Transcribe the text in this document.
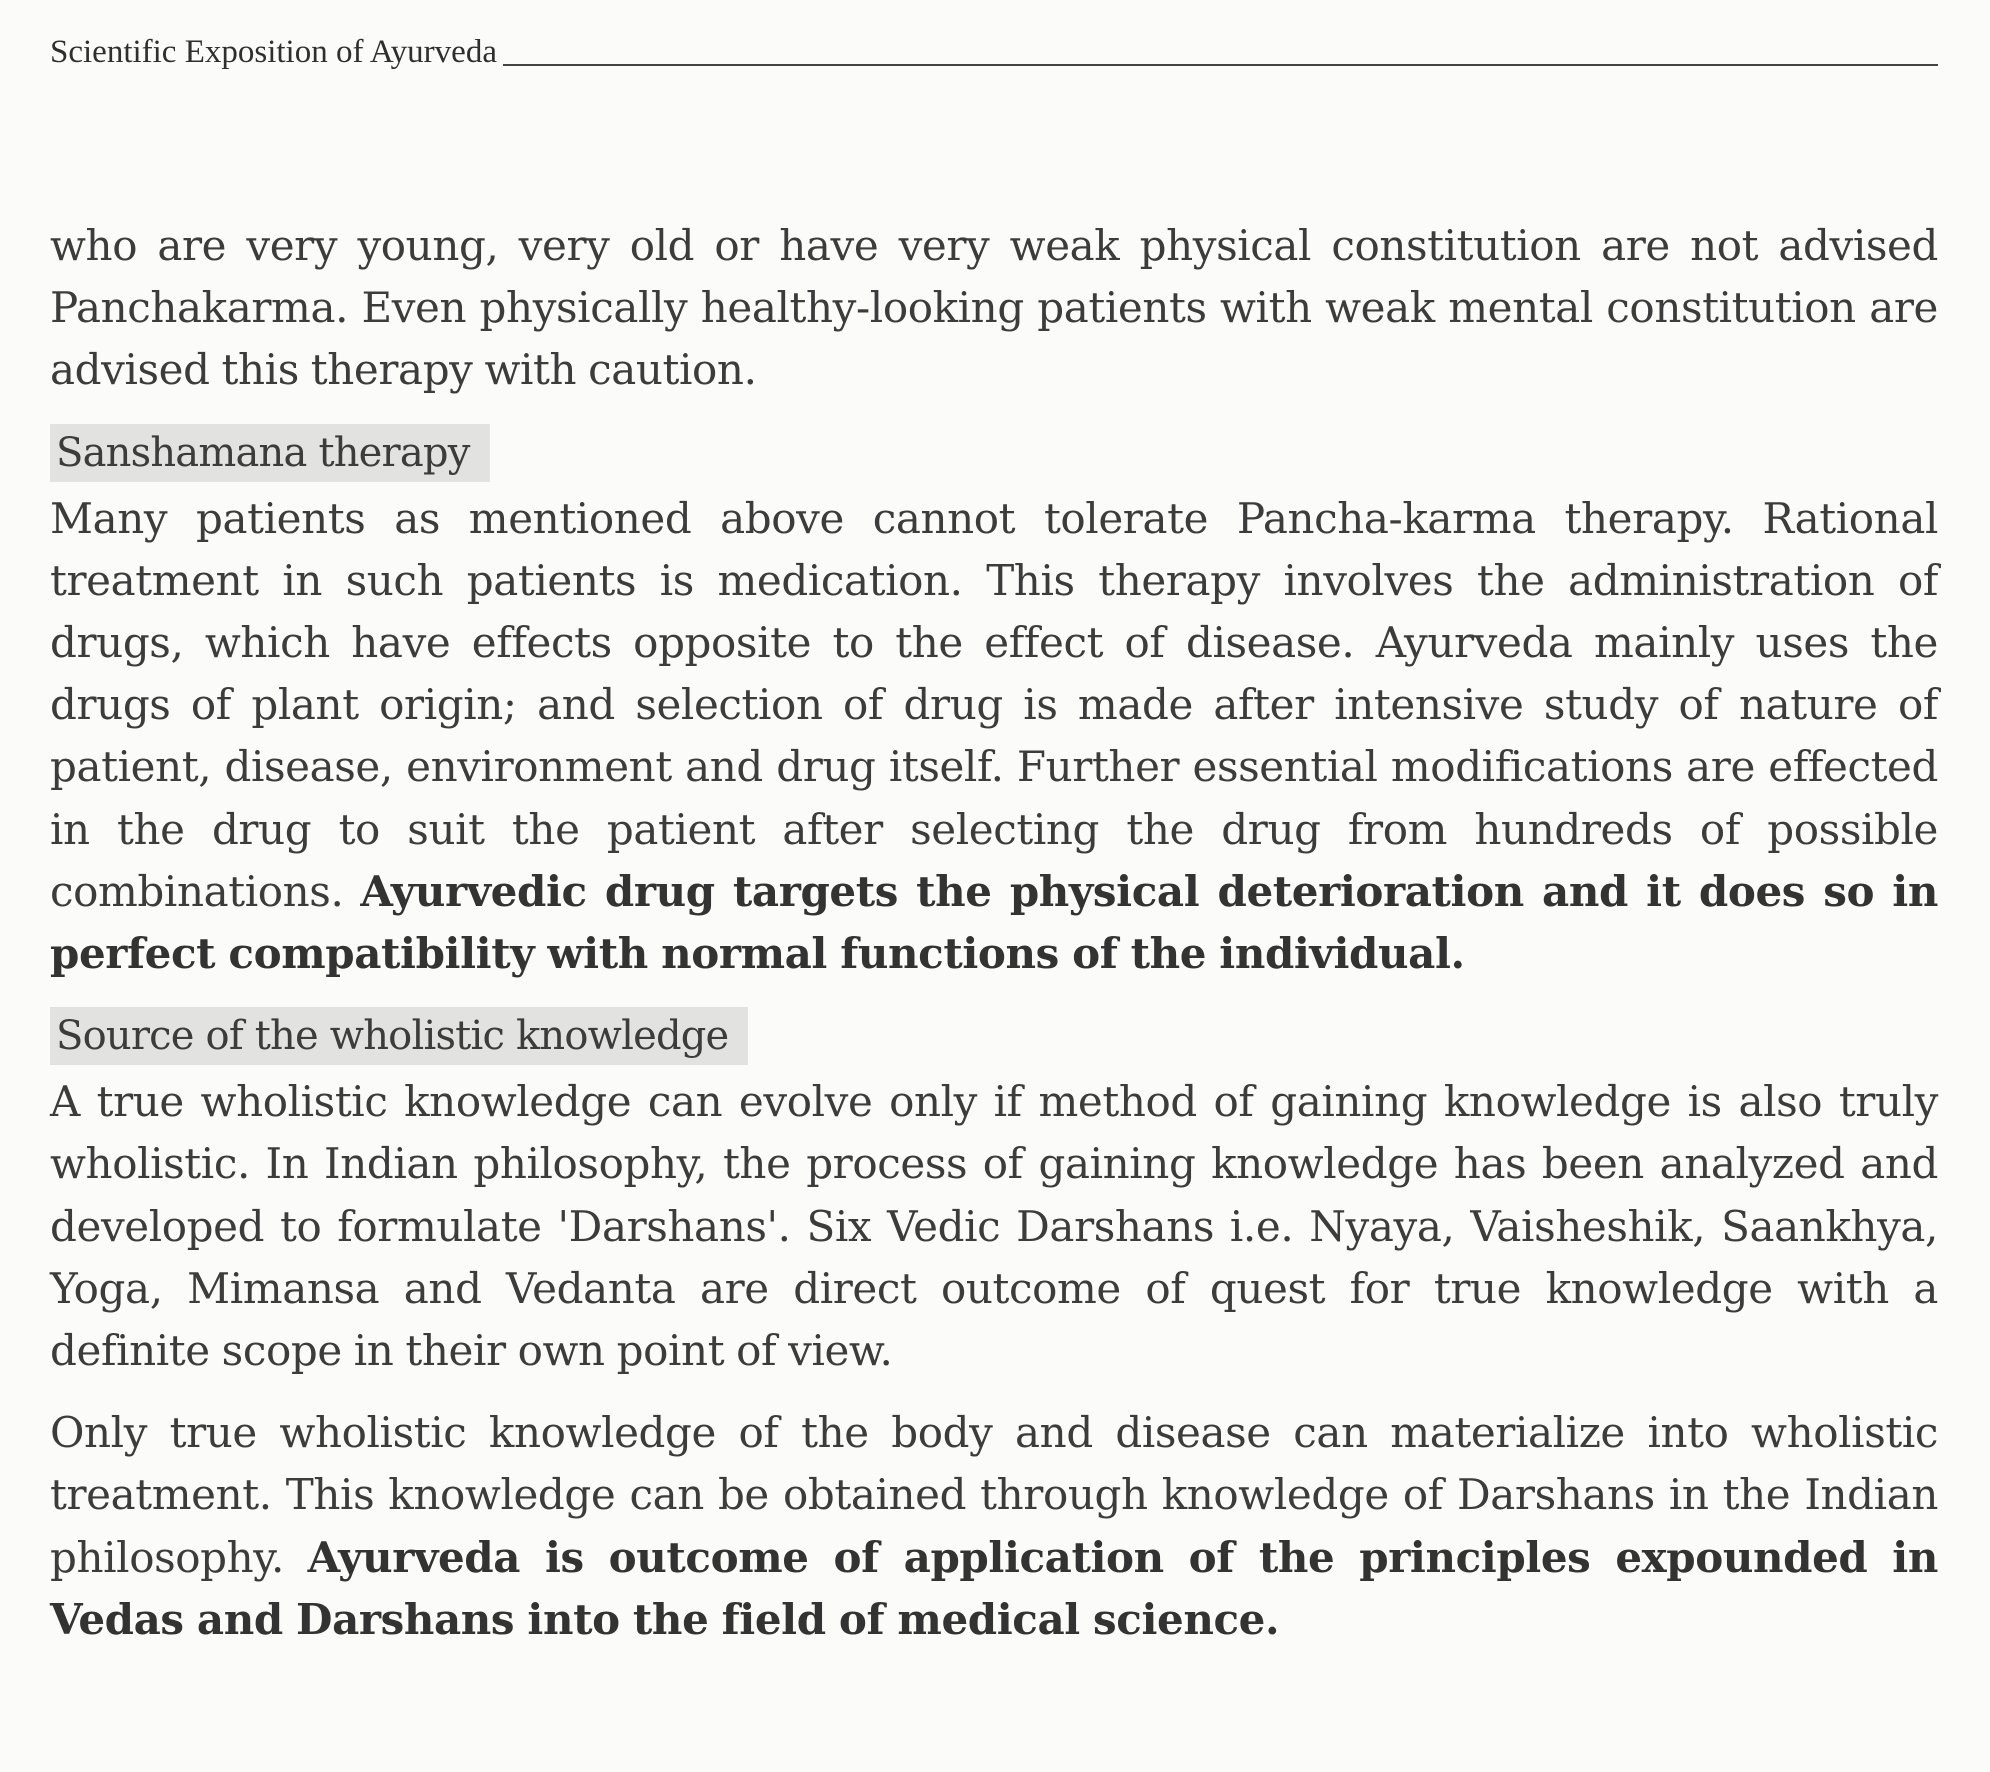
Scientific Exposition of Ayurveda

who are very young, very old or have very weak physical constitution are not advised Panchakarma. Even physically healthy-looking patients with weak mental constitution are advised this therapy with caution.

Sanshamana therapy

Many patients as mentioned above cannot tolerate Pancha-karma therapy. Rational treatment in such patients is medication. This therapy involves the administration of drugs, which have effects opposite to the effect of disease. Ayurveda mainly uses the drugs of plant origin; and selection of drug is made after intensive study of nature of patient, disease, environment and drug itself. Further essential modifications are effected in the drug to suit the patient after selecting the drug from hundreds of possible combinations. Ayurvedic drug targets the physical deterioration and it does so in perfect compatibility with normal functions of the individual.

Source of the wholistic knowledge

A true wholistic knowledge can evolve only if method of gaining knowledge is also truly wholistic. In Indian philosophy, the process of gaining knowledge has been analyzed and developed to formulate 'Darshans'. Six Vedic Darshans i.e. Nyaya, Vaisheshik, Saankhya, Yoga, Mimansa and Vedanta are direct outcome of quest for true knowledge with a definite scope in their own point of view.

Only true wholistic knowledge of the body and disease can materialize into wholistic treatment. This knowledge can be obtained through knowledge of Darshans in the Indian philosophy. Ayurveda is outcome of application of the principles expounded in Vedas and Darshans into the field of medical science.
